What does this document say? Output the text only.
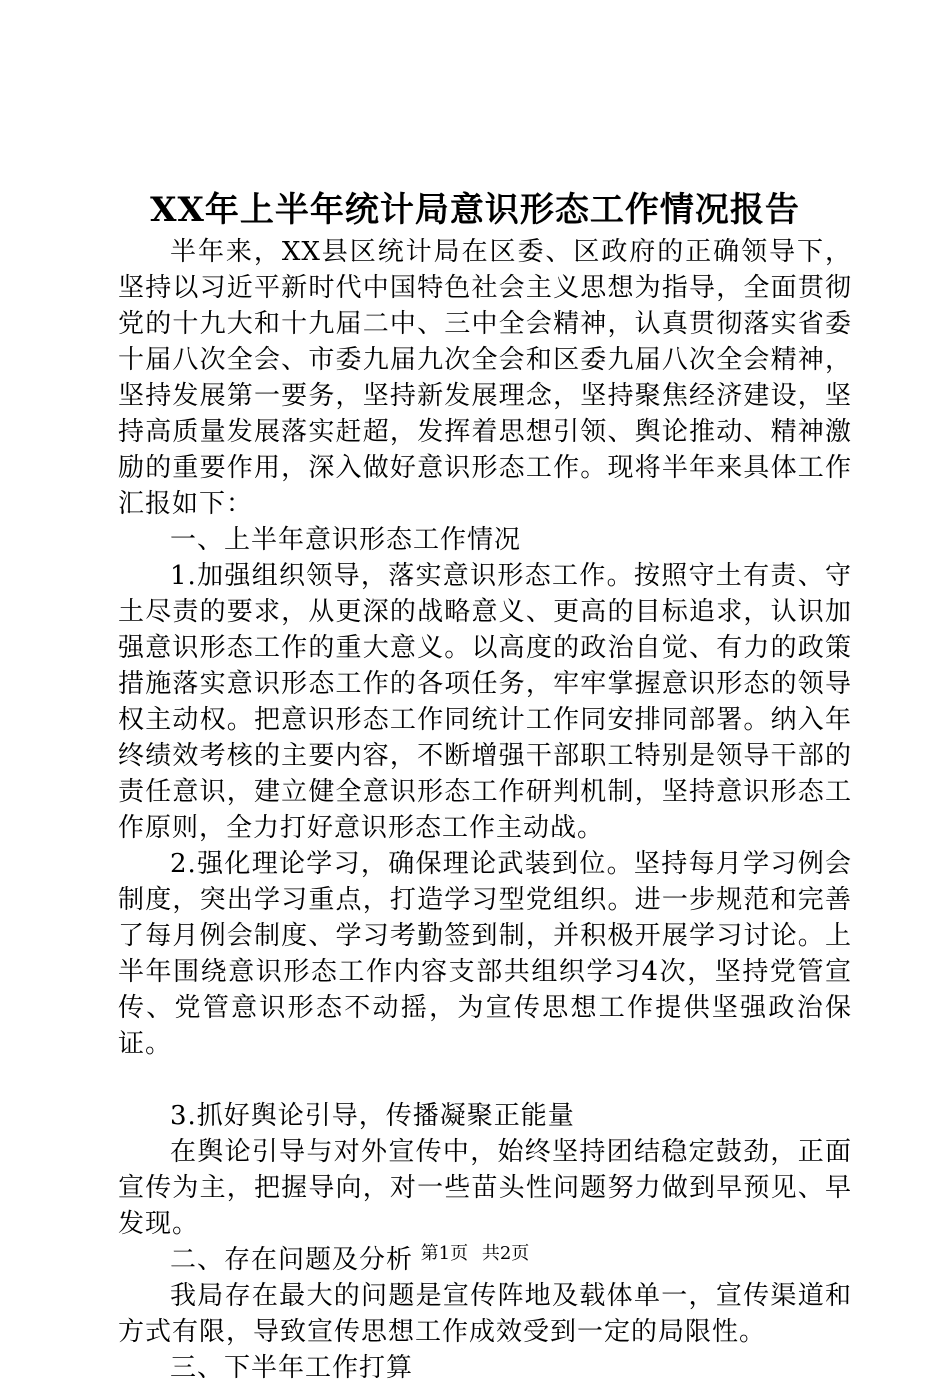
XX年上半年统计局意识形态工作情况报告

半年来，XX县区统计局在区委、区政府的正确领导下，坚持以习近平新时代中国特色社会主义思想为指导，全面贯彻党的十九大和十九届二中、三中全会精神，认真贯彻落实省委十届八次全会、市委九届九次全会和区委九届八次全会精神，坚持发展第一要务，坚持新发展理念，坚持聚焦经济建设，坚持高质量发展落实赶超，发挥着思想引领、舆论推动、精神激励的重要作用，深入做好意识形态工作。现将半年来具体工作汇报如下：

一、上半年意识形态工作情况

1.加强组织领导，落实意识形态工作。按照守土有责、守土尽责的要求，从更深的战略意义、更高的目标追求，认识加强意识形态工作的重大意义。以高度的政治自觉、有力的政策措施落实意识形态工作的各项任务，牢牢掌握意识形态的领导权主动权。把意识形态工作同统计工作同安排同部署。纳入年终绩效考核的主要内容，不断增强干部职工特别是领导干部的责任意识，建立健全意识形态工作研判机制，坚持意识形态工作原则，全力打好意识形态工作主动战。

2.强化理论学习，确保理论武装到位。坚持每月学习例会制度，突出学习重点，打造学习型党组织。进一步规范和完善了每月例会制度、学习考勤签到制，并积极开展学习讨论。上半年围绕意识形态工作内容支部共组织学习4次，坚持党管宣传、党管意识形态不动摇，为宣传思想工作提供坚强政治保证。

3.抓好舆论引导，传播凝聚正能量

在舆论引导与对外宣传中，始终坚持团结稳定鼓劲，正面宣传为主，把握导向，对一些苗头性问题努力做到早预见、早发现。

二、存在问题及分析

我局存在最大的问题是宣传阵地及载体单一，宣传渠道和方式有限，导致宣传思想工作成效受到一定的局限性。

三、下半年工作打算

第1页 共2页
